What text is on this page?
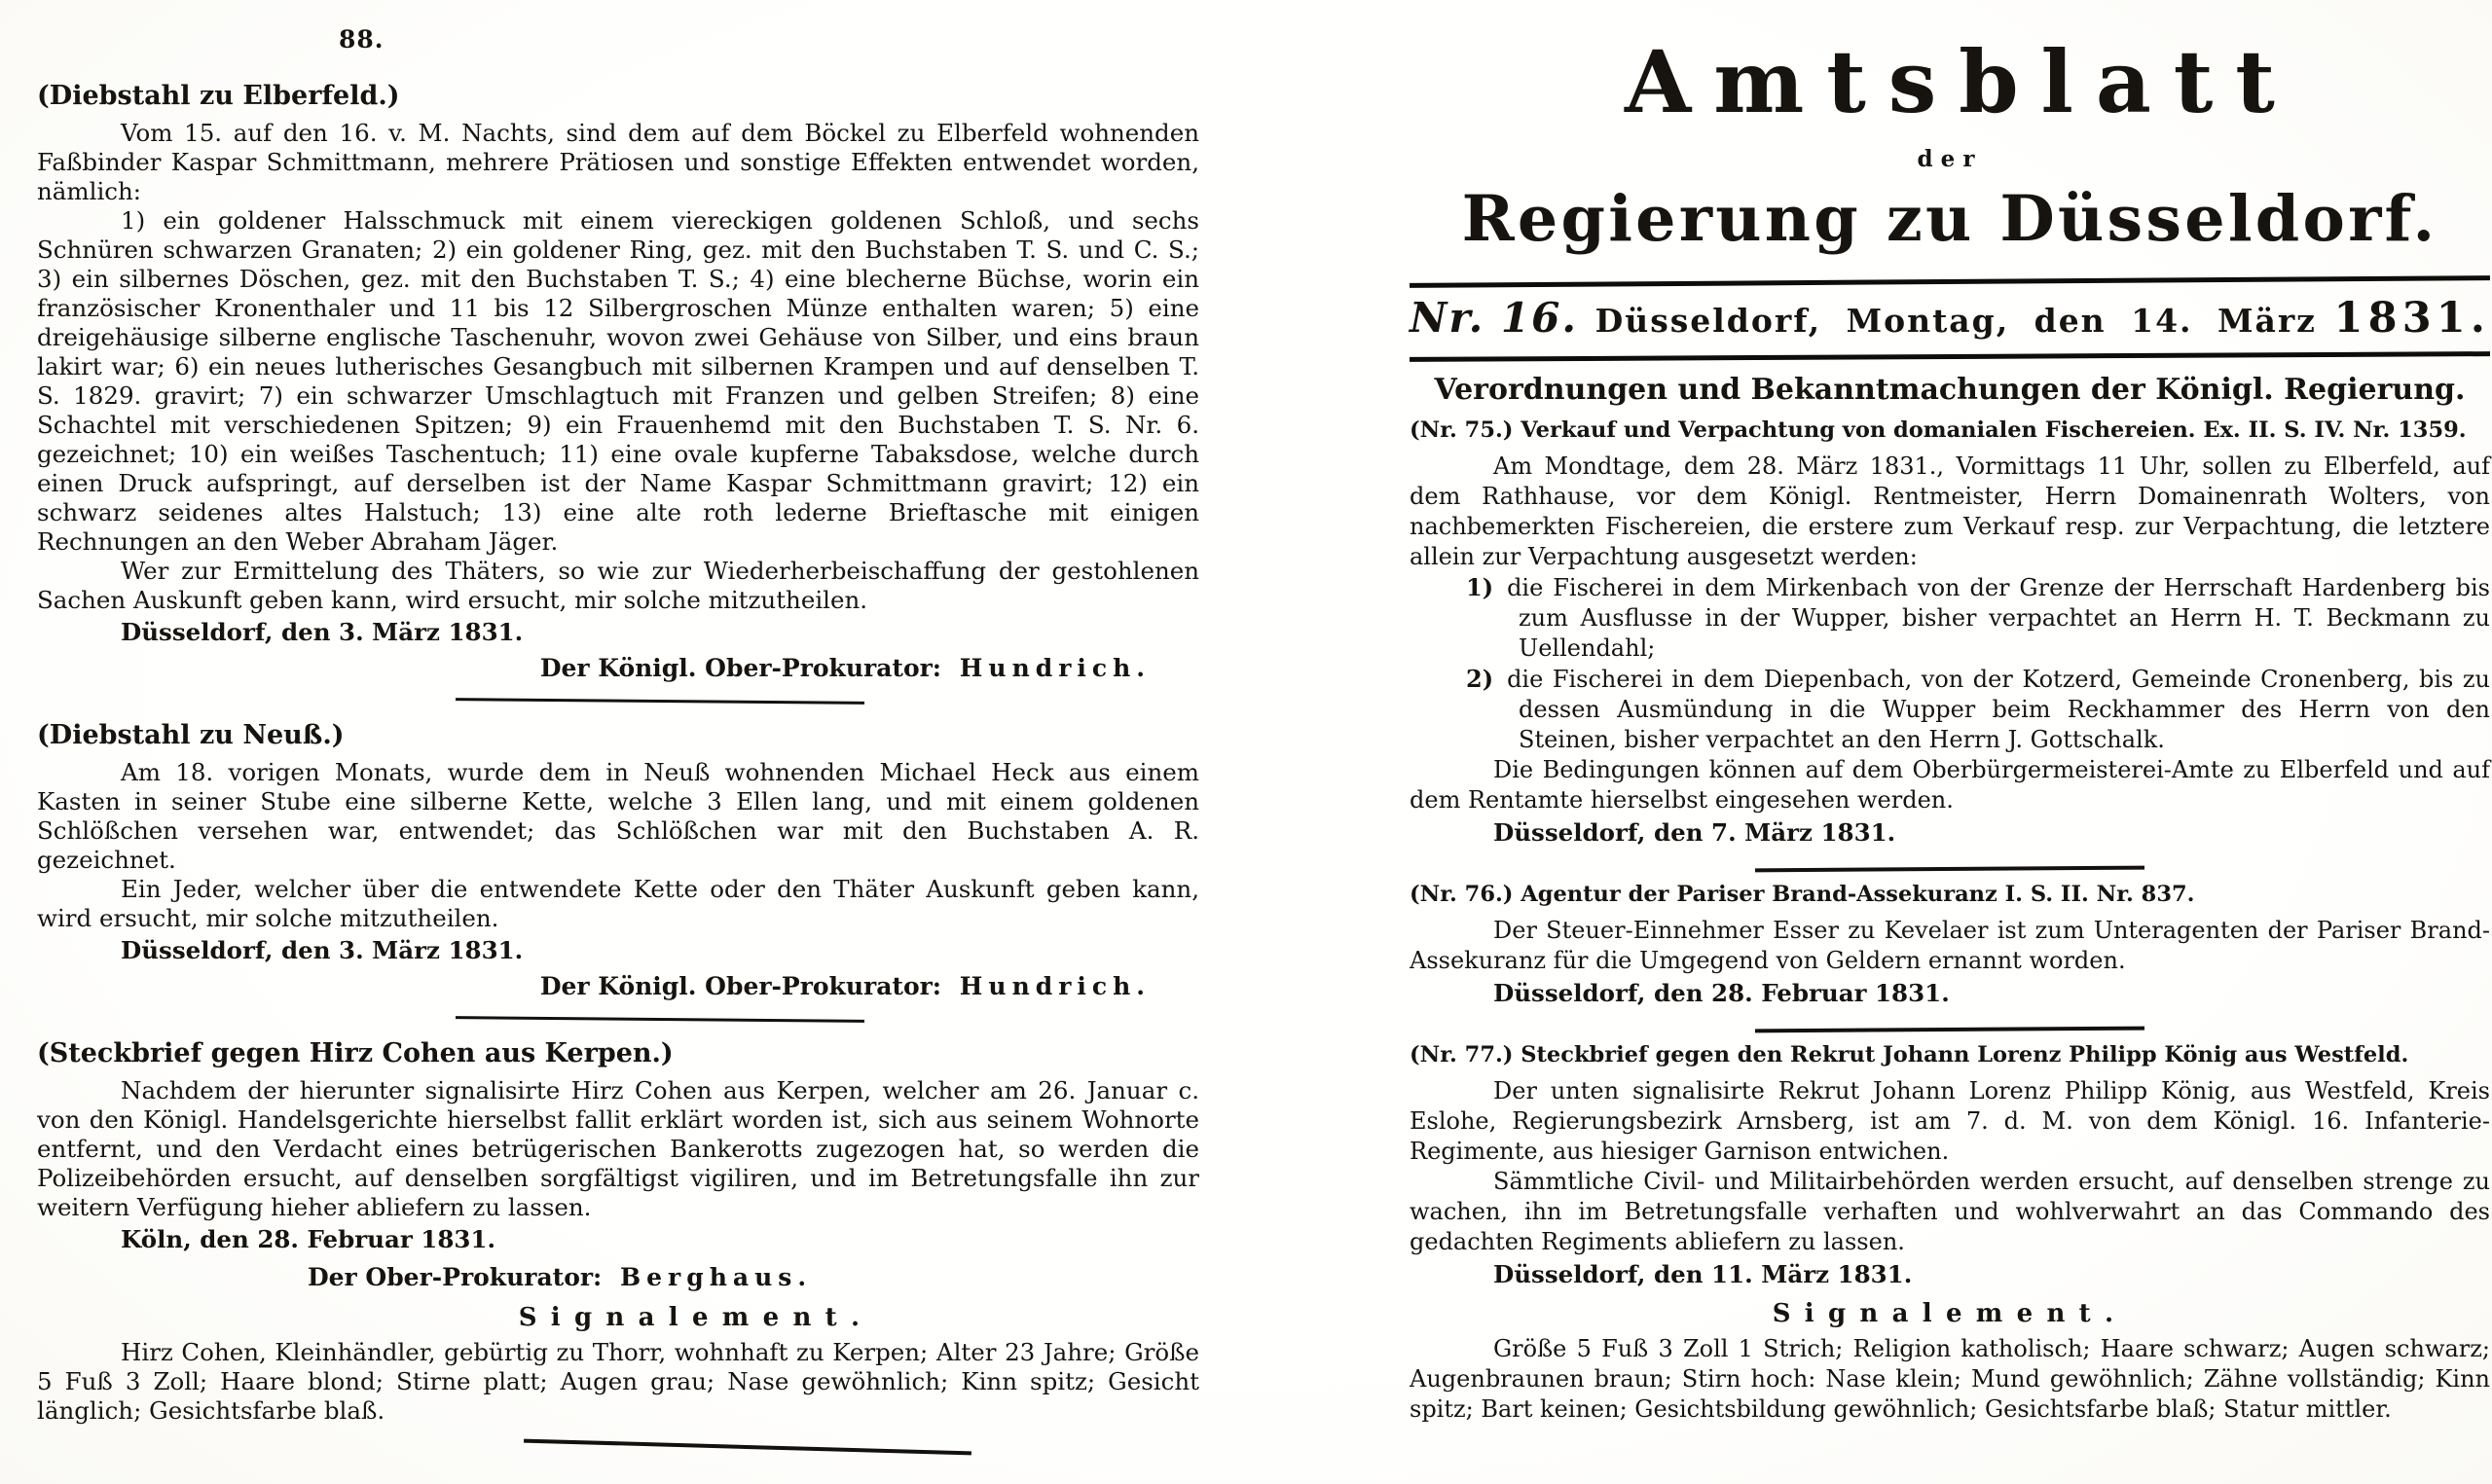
88.
(Diebstahl zu Elberfeld.)

Vom 15. auf den 16. v. M. Nachts, sind dem auf dem Böckel zu Elberfeld wohnenden Faßbinder Kaspar Schmittmann, mehrere Prätiosen und sonstige Effekten entwendet worden, nämlich:

1) ein goldener Halsschmuck mit einem viereckigen goldenen Schloß, und sechs Schnüren schwarzen Granaten; 2) ein goldener Ring, gez. mit den Buchstaben T. S. und C. S.; 3) ein silbernes Döschen, gez. mit den Buchstaben T. S.; 4) eine blecherne Büchse, worin ein französischer Kronenthaler und 11 bis 12 Silbergroschen Münze enthalten waren; 5) eine dreigehäusige silberne englische Taschenuhr, wovon zwei Gehäuse von Silber, und eins braun lakirt war; 6) ein neues lutherisches Gesangbuch mit silbernen Krampen und auf denselben T. S. 1829. gravirt; 7) ein schwarzer Umschlagtuch mit Franzen und gelben Streifen; 8) eine Schachtel mit verschiedenen Spitzen; 9) ein Frauenhemd mit den Buchstaben T. S. Nr. 6. gezeichnet; 10) ein weißes Taschentuch; 11) eine ovale kupferne Tabaksdose, welche durch einen Druck aufspringt, auf derselben ist der Name Kaspar Schmittmann gravirt; 12) ein schwarz seidenes altes Halstuch; 13) eine alte roth lederne Brieftasche mit einigen Rechnungen an den Weber Abraham Jäger.

Wer zur Ermittelung des Thäters, so wie zur Wiederherbeischaffung der gestohlenen Sachen Auskunft geben kann, wird ersucht, mir solche mitzutheilen.

Düsseldorf, den 3. März 1831.

Der Königl. Ober-Prokurator: Hundrich.
(Diebstahl zu Neuß.)

Am 18. vorigen Monats, wurde dem in Neuß wohnenden Michael Heck aus einem Kasten in seiner Stube eine silberne Kette, welche 3 Ellen lang, und mit einem goldenen Schlößchen versehen war, entwendet; das Schlößchen war mit den Buchstaben A. R. gezeichnet.

Ein Jeder, welcher über die entwendete Kette oder den Thäter Auskunft geben kann, wird ersucht, mir solche mitzutheilen.

Düsseldorf, den 3. März 1831.

Der Königl. Ober-Prokurator: Hundrich.
(Steckbrief gegen Hirz Cohen aus Kerpen.)

Nachdem der hierunter signalisirte Hirz Cohen aus Kerpen, welcher am 26. Januar c. von den Königl. Handelsgerichte hierselbst fallit erklärt worden ist, sich aus seinem Wohnorte entfernt, und den Verdacht eines betrügerischen Bankerotts zugezogen hat, so werden die Polizeibehörden ersucht, auf denselben sorgfältigst vigiliren, und im Betretungsfalle ihn zur weitern Verfügung hieher abliefern zu lassen.

Köln, den 28. Februar 1831.

Der Ober-Prokurator: Berghaus.
Signalement.

Hirz Cohen, Kleinhändler, gebürtig zu Thorr, wohnhaft zu Kerpen; Alter 23 Jahre; Größe 5 Fuß 3 Zoll; Haare blond; Stirne platt; Augen grau; Nase gewöhnlich; Kinn spitz; Gesicht länglich; Gesichtsfarbe blaß.

Amtsblatt
der
Regierung zu Düsseldorf.
Nr. 16. Düsseldorf, Montag, den 14. März 1831.
Verordnungen und Bekanntmachungen der Königl. Regierung.
(Nr. 75.) Verkauf und Verpachtung von domanialen Fischereien. Ex. II. S. IV. Nr. 1359.

Am Mondtage, dem 28. März 1831., Vormittags 11 Uhr, sollen zu Elberfeld, auf dem Rathhause, vor dem Königl. Rentmeister, Herrn Domainenrath Wolters, von nachbemerkten Fischereien, die erstere zum Verkauf resp. zur Verpachtung, die letztere allein zur Verpachtung ausgesetzt werden:

1) die Fischerei in dem Mirkenbach von der Grenze der Herrschaft Hardenberg bis zum Ausflusse in der Wupper, bisher verpachtet an Herrn H. T. Beckmann zu Uellendahl;

2) die Fischerei in dem Diepenbach, von der Kotzerd, Gemeinde Cronenberg, bis zu dessen Ausmündung in die Wupper beim Reckhammer des Herrn von den Steinen, bisher verpachtet an den Herrn J. Gottschalk.

Die Bedingungen können auf dem Oberbürgermeisterei-Amte zu Elberfeld und auf dem Rentamte hierselbst eingesehen werden.

Düsseldorf, den 7. März 1831.

(Nr. 76.) Agentur der Pariser Brand-Assekuranz I. S. II. Nr. 837.

Der Steuer-Einnehmer Esser zu Kevelaer ist zum Unteragenten der Pariser Brand-Assekuranz für die Umgegend von Geldern ernannt worden.

Düsseldorf, den 28. Februar 1831.

(Nr. 77.) Steckbrief gegen den Rekrut Johann Lorenz Philipp König aus Westfeld.

Der unten signalisirte Rekrut Johann Lorenz Philipp König, aus Westfeld, Kreis Eslohe, Regierungsbezirk Arnsberg, ist am 7. d. M. von dem Königl. 16. Infanterie-Regimente, aus hiesiger Garnison entwichen.

Sämmtliche Civil- und Militairbehörden werden ersucht, auf denselben strenge zu wachen, ihn im Betretungsfalle verhaften und wohlverwahrt an das Commando des gedachten Regiments abliefern zu lassen.

Düsseldorf, den 11. März 1831.

Signalement.

Größe 5 Fuß 3 Zoll 1 Strich; Religion katholisch; Haare schwarz; Augen schwarz; Augenbraunen braun; Stirn hoch: Nase klein; Mund gewöhnlich; Zähne vollständig; Kinn spitz; Bart keinen; Gesichtsbildung gewöhnlich; Gesichtsfarbe blaß; Statur mittler.
